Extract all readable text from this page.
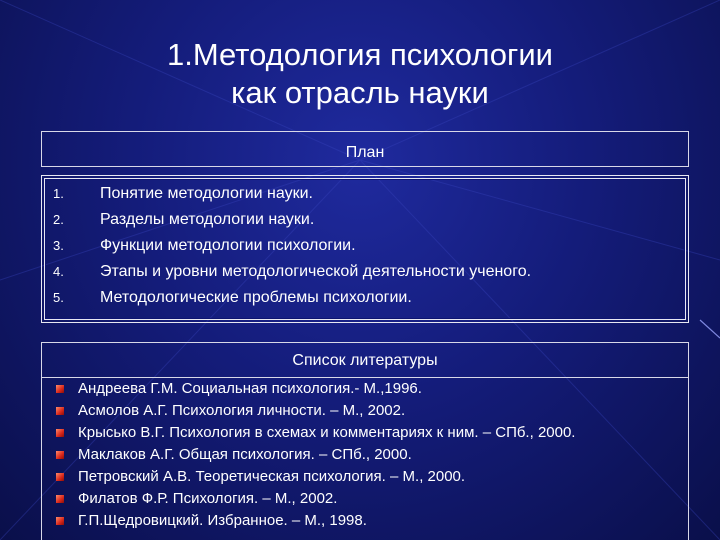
1.Методология психологии
как отрасль науки
План
1. Понятие методологии науки.
2. Разделы методологии науки.
3. Функции методологии психологии.
4. Этапы и уровни методологической деятельности ученого.
5. Методологические проблемы психологии.
Список литературы
Андреева Г.М. Социальная психология.- М.,1996.
Асмолов А.Г. Психология личности. – М., 2002.
Крысько В.Г. Психология в схемах и комментариях к ним. – СПб., 2000.
Маклаков А.Г. Общая психология. – СПб., 2000.
Петровский А.В. Теоретическая психология. – М., 2000.
Филатов Ф.Р. Психология. – М., 2002.
Г.П.Щедровицкий. Избранное. – М., 1998.
